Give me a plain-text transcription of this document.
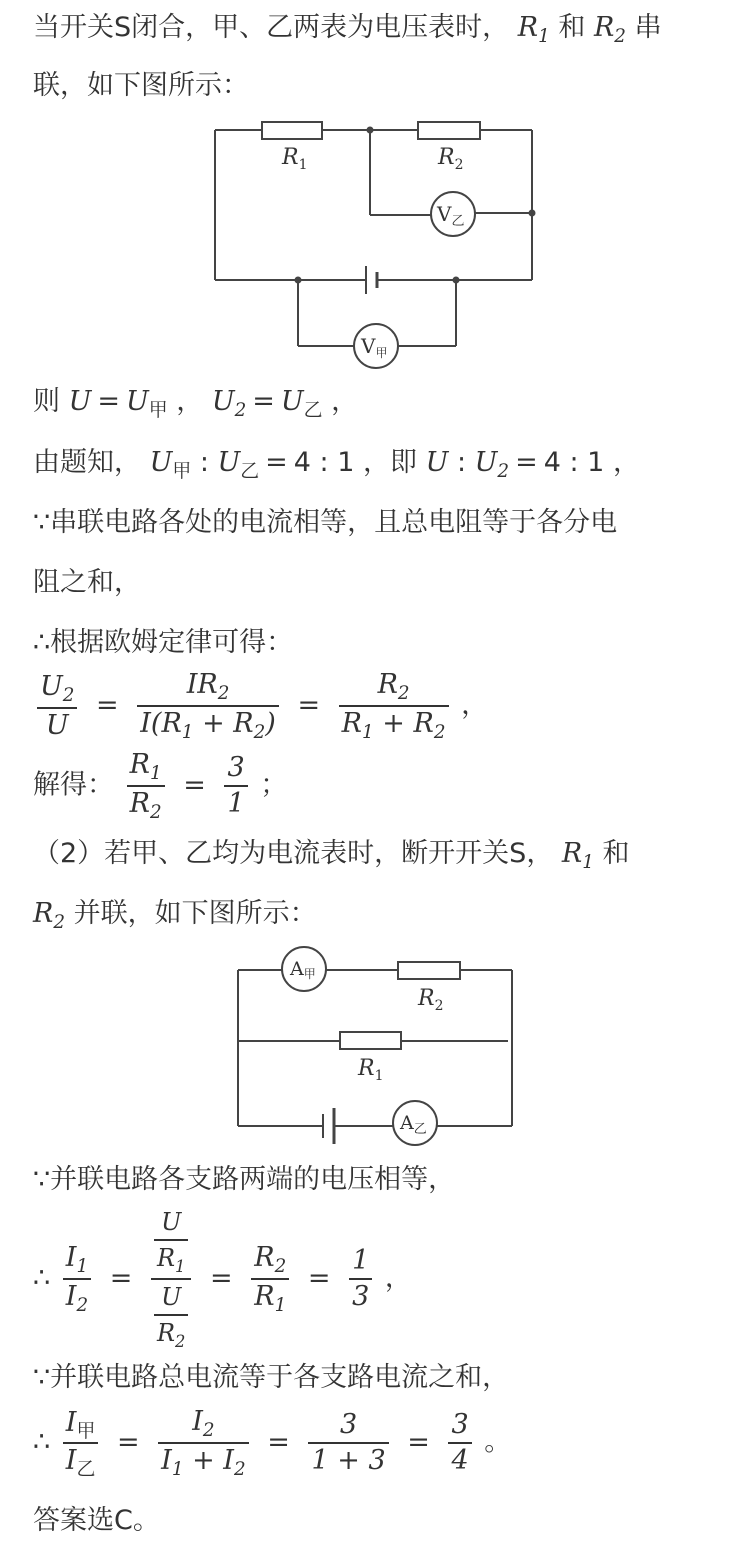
当开关S闭合，甲、乙两表为电压表时， $R_1$ 和 $R_2$ 串
联，如下图所示：
$R_1$	$R_2$
$V_乙$
$V_甲$
则 $U = U_甲$ ， $U_2 = U_乙$ ，
由题知， $U_甲$ : $U_乙 = 4$ : 1 ，即 U : $U_2 = 4$ : 1 ，
∵串联电路各处的电流相等，且总电阻等于各分电
阻之和，
∴根据欧姆定律可得：
$\frac{U_2}{U} = \frac{IR_2}{I(R_1 + R_2)} = \frac{R_2}{R_1 + R_2}$ ，
解得： $\frac{R_1}{R_2} = \frac{3}{1}$ ；
（2）若甲、乙均为电流表时，断开开关S， $R_1$ 和
$R_2$ 并联，如下图所示：
A甲
$A_乙$
$R_2$
$R_1$
∵并联电路各支路两端的电压相等，
∴ $\frac{I_1}{I_2} = \frac{\frac{U}{R_1}}{\frac{U}{R_2}} = \frac{R_2}{R_1} = \frac{1}{3}$ ，
∵并联电路总电流等于各支路电流之和，
∴ $\frac{I_甲}{I_乙} = \frac{I_2}{I_1 + I_2} = \frac{3}{1 + 3} = \frac{3}{4}$ 。
答案选C。
